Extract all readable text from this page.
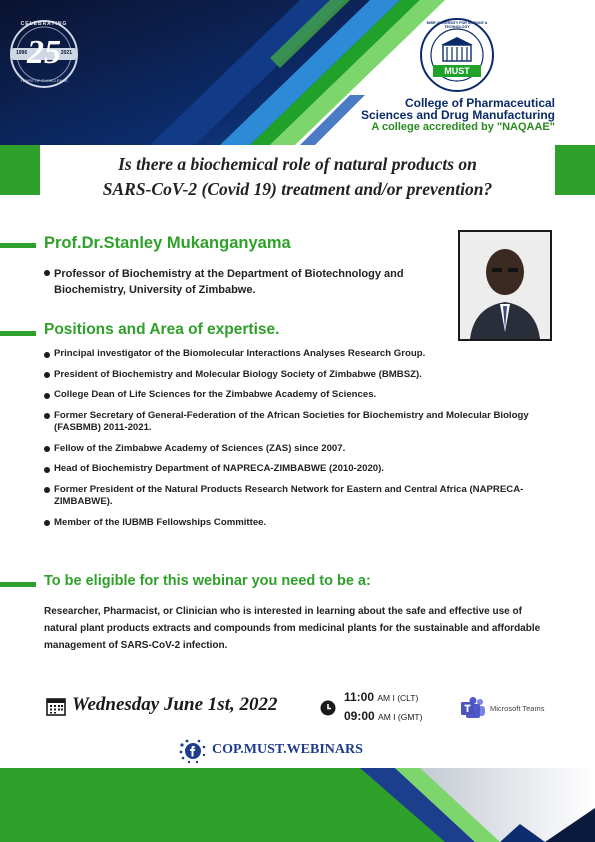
CELEBRATING
25
1996	2021
YEARS OF EXCELLENCE
MUST
MISR UNIVERSITY FOR SCIENCE & TECHNOLOGY
College of Pharmaceutical
Sciences and Drug Manufacturing
A college accredited by "NAQAAE"
Is there a biochemical role of natural products on
SARS-CoV-2 (Covid 19) treatment and/or prevention?
Prof.Dr.Stanley Mukanganyama
Professor of Biochemistry at the Department of Biotechnology and Biochemistry, University of Zimbabwe.
Positions and Area of expertise.
Principal investigator of the Biomolecular Interactions Analyses Research Group.
President of Biochemistry and Molecular Biology Society of Zimbabwe (BMBSZ).
College Dean of Life Sciences for the Zimbabwe Academy of Sciences.
Former Secretary of General-Federation of the African Societies for Biochemistry and Molecular Biology (FASBMB) 2011-2021.
Fellow of the Zimbabwe Academy of Sciences (ZAS) since 2007.
Head of Biochemistry Department of NAPRECA-ZIMBABWE (2010-2020).
Former President of the Natural Products Research Network for Eastern and Central Africa (NAPRECA-ZIMBABWE).
Member of the IUBMB Fellowships Committee.
To be eligible for this webinar you need to be a:
Researcher, Pharmacist, or Clinician who is interested in learning about the safe and effective use of natural plant products extracts and compounds from medicinal plants for the sustainable and affordable management of SARS-CoV-2 infection.
Wednesday June 1st, 2022	11:00 AM I (CLT)
09:00 AM I (GMT)
Microsoft Teams
COP.MUST.WEBINARS
